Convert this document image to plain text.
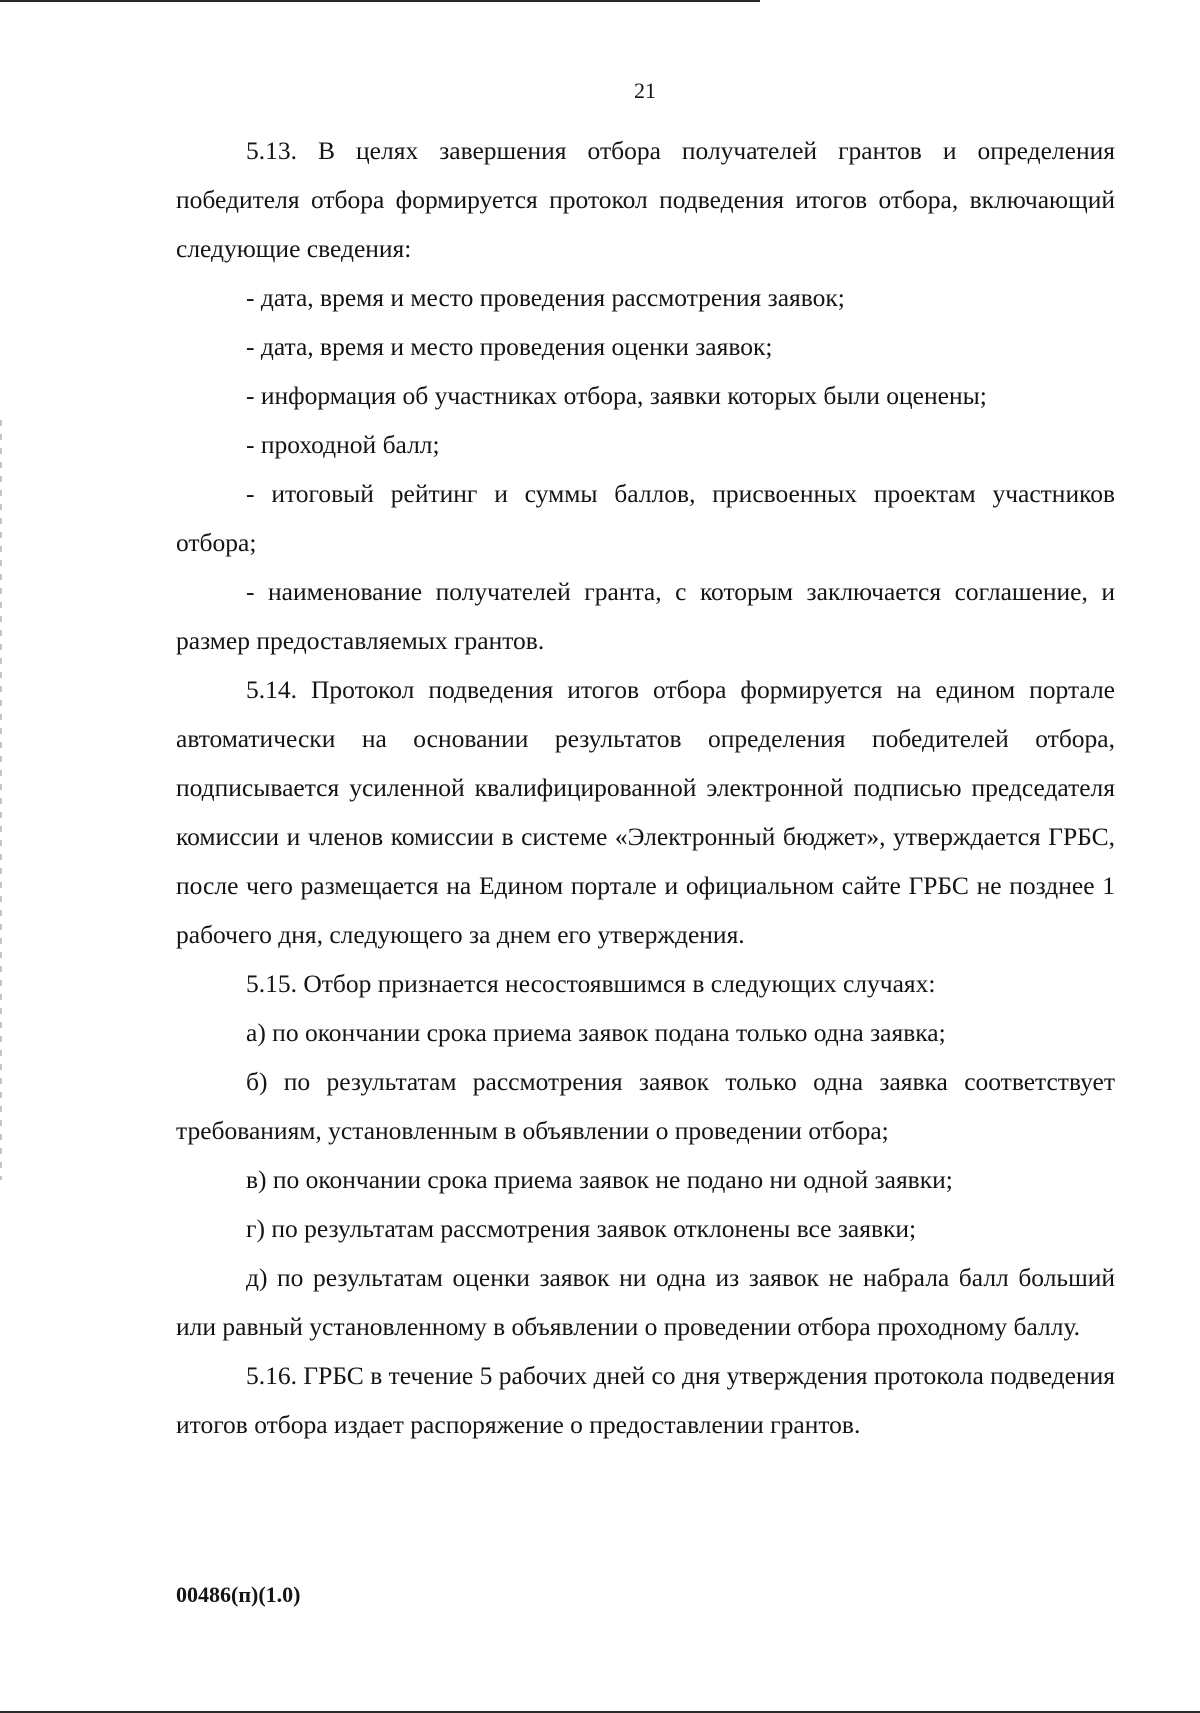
21

5.13. В целях завершения отбора получателей грантов и определения победителя отбора формируется протокол подведения итогов отбора, включающий следующие сведения:

- дата, время и место проведения рассмотрения заявок;

- дата, время и место проведения оценки заявок;

- информация об участниках отбора, заявки которых были оценены;

- проходной балл;

- итоговый рейтинг и суммы баллов, присвоенных проектам участников отбора;

- наименование получателей гранта, с которым заключается соглашение, и размер предоставляемых грантов.

5.14. Протокол подведения итогов отбора формируется на едином портале автоматически на основании результатов определения победителей отбора, подписывается усиленной квалифицированной электронной подписью председателя комиссии и членов комиссии в системе «Электронный бюджет», утверждается ГРБС, после чего размещается на Едином портале и официальном сайте ГРБС не позднее 1 рабочего дня, следующего за днем его утверждения.

5.15. Отбор признается несостоявшимся в следующих случаях:

а) по окончании срока приема заявок подана только одна заявка;

б) по результатам рассмотрения заявок только одна заявка соответствует требованиям, установленным в объявлении о проведении отбора;

в) по окончании срока приема заявок не подано ни одной заявки;

г) по результатам рассмотрения заявок отклонены все заявки;

д) по результатам оценки заявок ни одна из заявок не набрала балл больший или равный установленному в объявлении о проведении отбора проходному баллу.

5.16. ГРБС в течение 5 рабочих дней со дня утверждения протокола подведения итогов отбора издает распоряжение о предоставлении грантов.

00486(п)(1.0)
